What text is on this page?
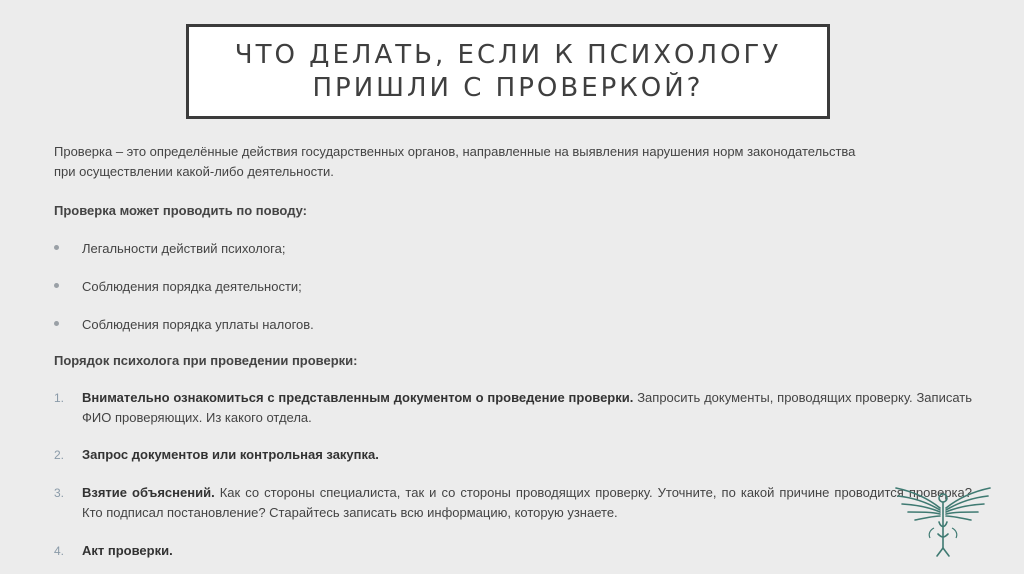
ЧТО ДЕЛАТЬ, ЕСЛИ К ПСИХОЛОГУ
ПРИШЛИ С ПРОВЕРКОЙ?

Проверка – это определённые действия государственных органов, направленные на выявления нарушения норм законодательства
при осуществлении какой-либо деятельности.

Проверка может проводить по поводу:

Легальности действий психолога;
Соблюдения порядка деятельности;
Соблюдения порядка уплаты налогов.

Порядок психолога при проведении проверки:

1. Внимательно ознакомиться с представленным документом о проведение проверки. Запросить документы, проводящих проверку. Записать ФИО проверяющих. Из какого отдела.
2. Запрос документов или контрольная закупка.
3. Взятие объяснений. Как со стороны специалиста, так и со стороны проводящих проверку. Уточните, по какой причине проводится проверка? Кто подписал постановление? Старайтесь записать всю информацию, которую узнаете.
4. Акт проверки.
